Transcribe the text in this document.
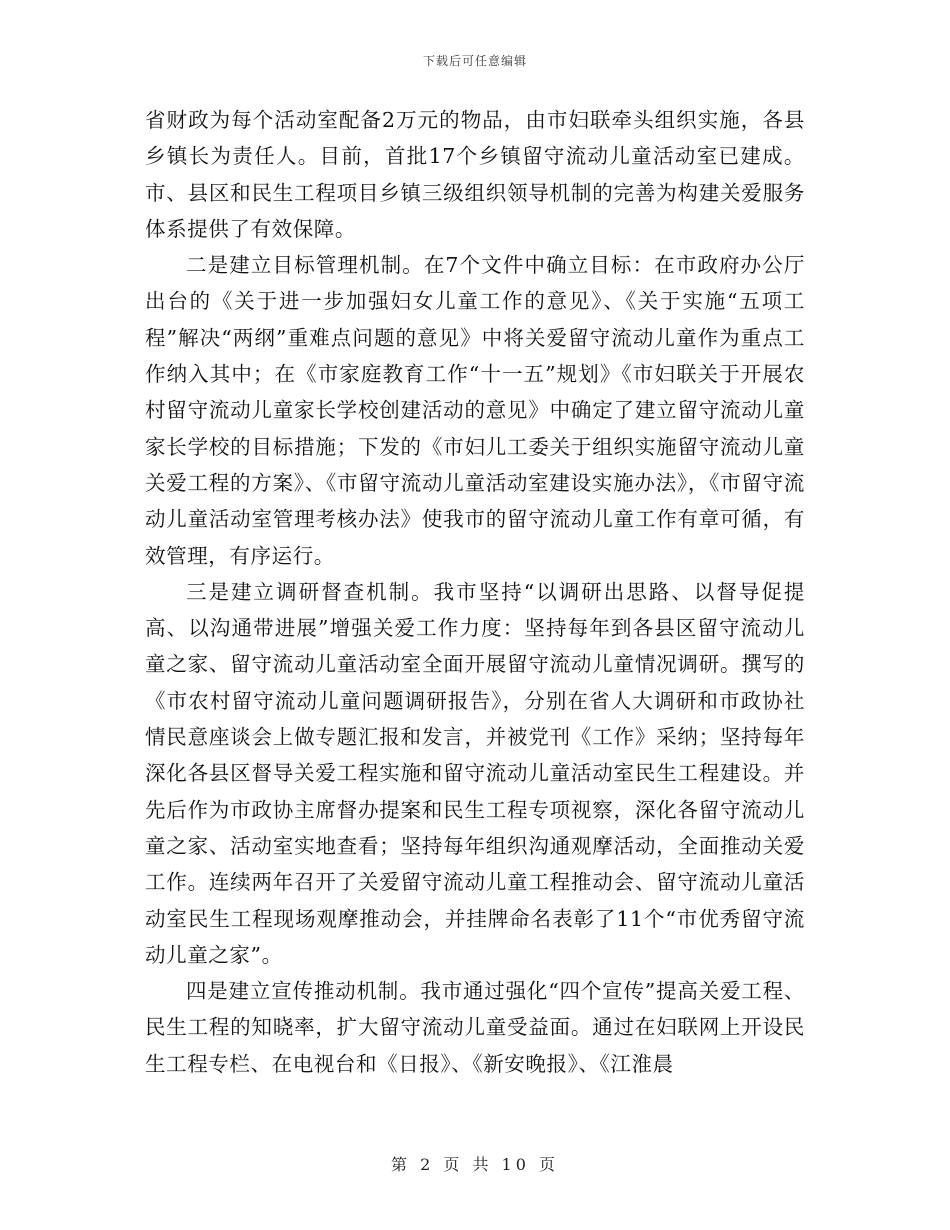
下载后可任意编辑

省财政为每个活动室配备2万元的物品，由市妇联牵头组织实施，各县乡镇长为责任人。目前，首批17个乡镇留守流动儿童活动室已建成。市、县区和民生工程项目乡镇三级组织领导机制的完善为构建关爱服务体系提供了有效保障。

二是建立目标管理机制。在7个文件中确立目标：在市政府办公厅出台的《关于进一步加强妇女儿童工作的意见》、《关于实施“五项工程”解决“两纲”重难点问题的意见》中将关爱留守流动儿童作为重点工作纳入其中；在《市家庭教育工作“十一五”规划》《市妇联关于开展农村留守流动儿童家长学校创建活动的意见》中确定了建立留守流动儿童家长学校的目标措施；下发的《市妇儿工委关于组织实施留守流动儿童关爱工程的方案》、《市留守流动儿童活动室建设实施办法》，《市留守流动儿童活动室管理考核办法》使我市的留守流动儿童工作有章可循，有效管理，有序运行。

三是建立调研督查机制。我市坚持“以调研出思路、以督导促提高、以沟通带进展”增强关爱工作力度：坚持每年到各县区留守流动儿童之家、留守流动儿童活动室全面开展留守流动儿童情况调研。撰写的《市农村留守流动儿童问题调研报告》，分别在省人大调研和市政协社情民意座谈会上做专题汇报和发言，并被党刊《工作》采纳；坚持每年深化各县区督导关爱工程实施和留守流动儿童活动室民生工程建设。并先后作为市政协主席督办提案和民生工程专项视察，深化各留守流动儿童之家、活动室实地查看；坚持每年组织沟通观摩活动，全面推动关爱工作。连续两年召开了关爱留守流动儿童工程推动会、留守流动儿童活动室民生工程现场观摩推动会，并挂牌命名表彰了11个“市优秀留守流动儿童之家”。

四是建立宣传推动机制。我市通过强化“四个宣传”提高关爱工程、民生工程的知晓率，扩大留守流动儿童受益面。通过在妇联网上开设民生工程专栏、在电视台和《日报》、《新安晚报》、《江淮晨

第 2 页 共 10 页
